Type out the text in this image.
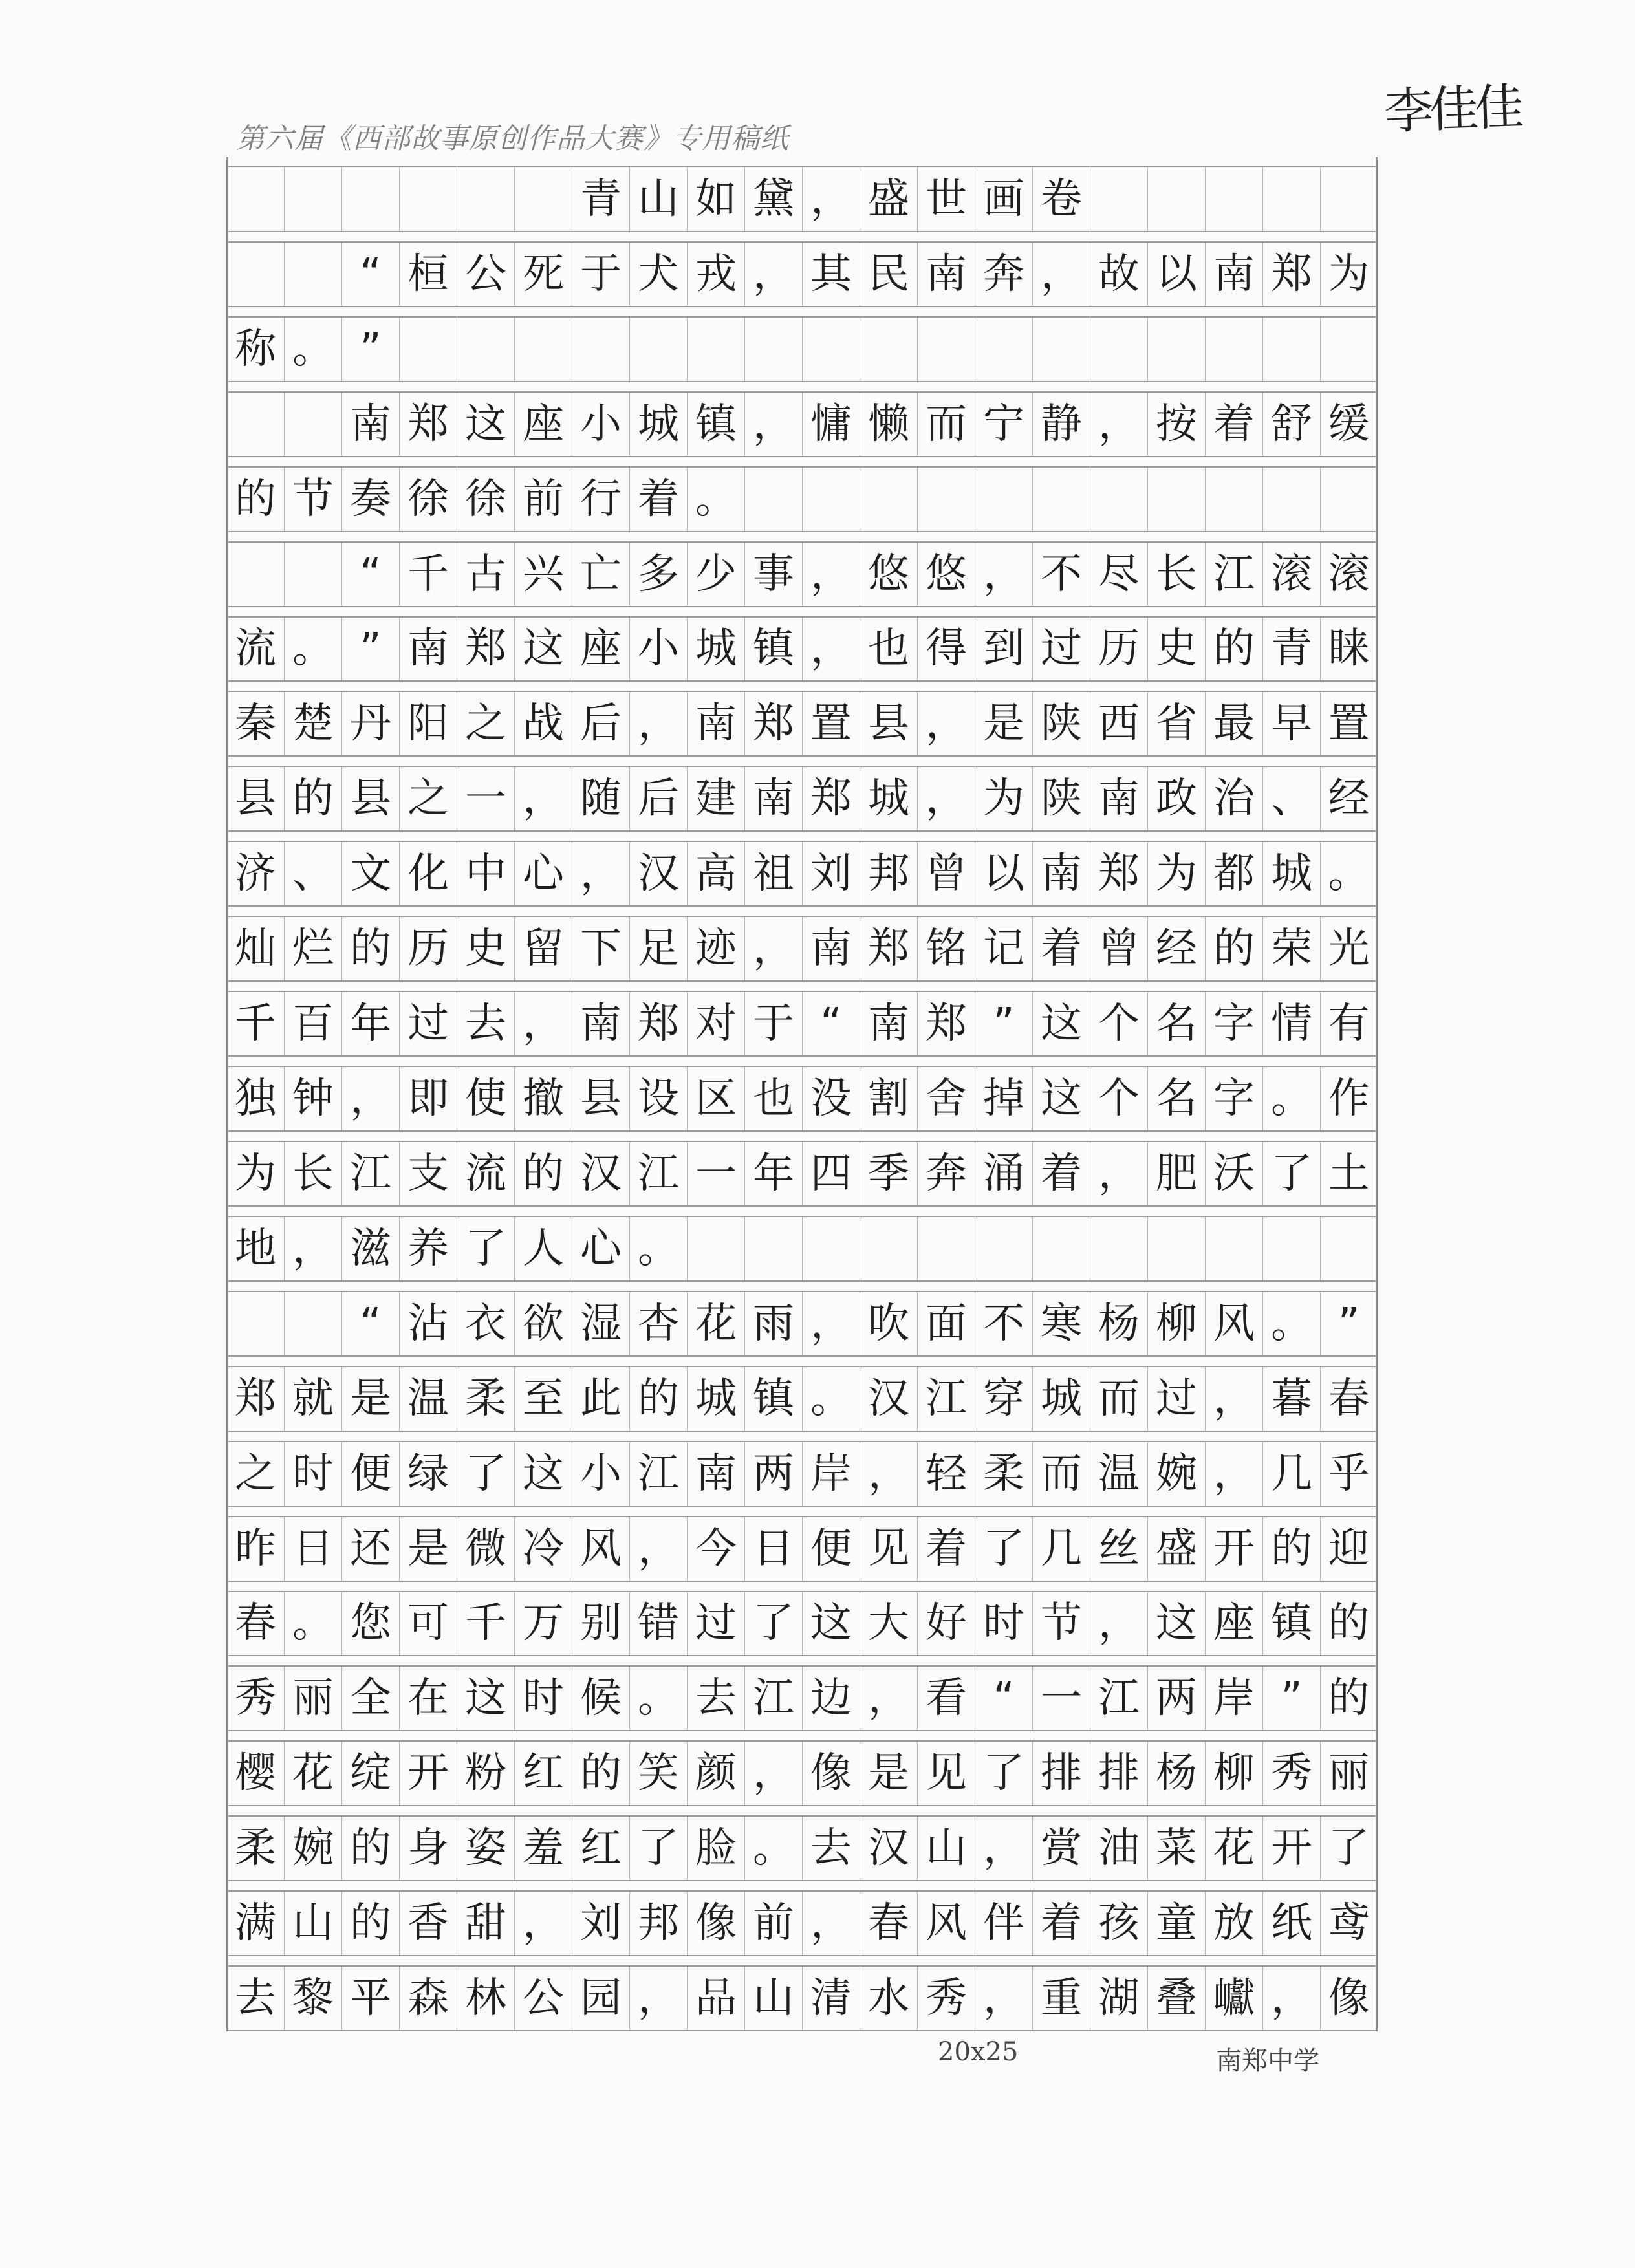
第六届《西部故事原创作品大赛》专用稿纸	李佳佳
青 山 如 黛 ， 盛 世 画 卷
“ 桓 公 死 于 犬 戎 ， 其 民 南 奔 ， 故 以 南 郑 为
称 。 ”
南 郑 这 座 小 城 镇 ， 慵 懒 而 宁 静 ， 按 着 舒 缓
的 节 奏 徐 徐 前 行 着 。
“ 千 古 兴 亡 多 少 事 ， 悠 悠 ， 不 尽 长 江 滚 滚
流 。 ” 南 郑 这 座 小 城 镇 ， 也 得 到 过 历 史 的 青 睐
秦 楚 丹 阳 之 战 后 ， 南 郑 置 县 ， 是 陕 西 省 最 早 置
县 的 县 之 一 ， 随 后 建 南 郑 城 ， 为 陕 南 政 治 、 经
济 、 文 化 中 心 ， 汉 高 祖 刘 邦 曾 以 南 郑 为 都 城 。
灿 烂 的 历 史 留 下 足 迹 ， 南 郑 铭 记 着 曾 经 的 荣 光
千 百 年 过 去 ， 南 郑 对 于 “ 南 郑 ” 这 个 名 字 情 有
独 钟 ， 即 使 撤 县 设 区 也 没 割 舍 掉 这 个 名 字 。 作
为 长 江 支 流 的 汉 江 一 年 四 季 奔 涌 着 ， 肥 沃 了 土
地 ， 滋 养 了 人 心 。
“ 沾 衣 欲 湿 杏 花 雨 ， 吹 面 不 寒 杨 柳 风 。 ”
郑 就 是 温 柔 至 此 的 城 镇 。 汉 江 穿 城 而 过 ， 暮 春
之 时 便 绿 了 这 小 江 南 两 岸 ， 轻 柔 而 温 婉 ， 几 乎
昨 日 还 是 微 冷 风 ， 今 日 便 见 着 了 几 丝 盛 开 的 迎
春 。 您 可 千 万 别 错 过 了 这 大 好 时 节 ， 这 座 镇 的
秀 丽 全 在 这 时 候 。 去 江 边 ， 看 “ 一 江 两 岸 ” 的
樱 花 绽 开 粉 红 的 笑 颜 ， 像 是 见 了 排 排 杨 柳 秀 丽
柔 婉 的 身 姿 羞 红 了 脸 。 去 汉 山 ， 赏 油 菜 花 开 了
满 山 的 香 甜 ， 刘 邦 像 前 ， 春 风 伴 着 孩 童 放 纸 鸢
去 黎 平 森 林 公 园 ， 品 山 清 水 秀 ， 重 湖 叠 巘 ， 像
20x25	南郑中学
